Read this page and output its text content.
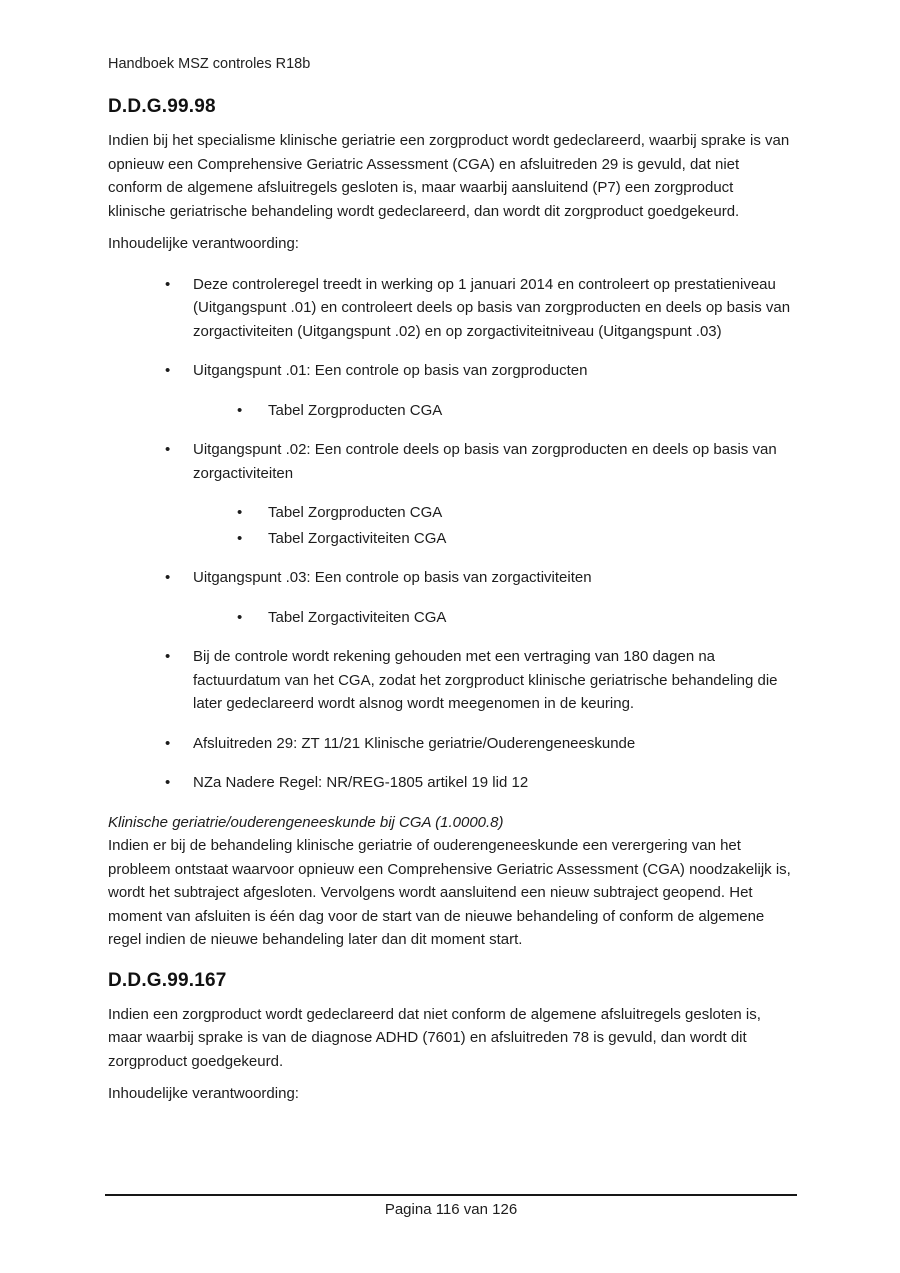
Handboek MSZ controles R18b
D.D.G.99.98

Indien bij het specialisme klinische geriatrie een zorgproduct wordt gedeclareerd, waarbij sprake is van opnieuw een Comprehensive Geriatric Assessment (CGA) en afsluitreden 29 is gevuld, dat niet conform de algemene afsluitregels gesloten is, maar waarbij aansluitend (P7) een zorgproduct klinische geriatrische behandeling wordt gedeclareerd, dan wordt dit zorgproduct goedgekeurd.

Inhoudelijke verantwoording:

•
Deze controleregel treedt in werking op 1 januari 2014 en controleert op prestatieniveau (Uitgangspunt .01) en controleert deels op basis van zorgproducten en deels op basis van zorgactiviteiten (Uitgangspunt .02) en op zorgactiviteitniveau (Uitgangspunt .03)
•
Uitgangspunt .01: Een controle op basis van zorgproducten
•
Tabel Zorgproducten CGA
•
Uitgangspunt .02: Een controle deels op basis van zorgproducten en deels op basis van zorgactiviteiten
•
Tabel Zorgproducten CGA
•
Tabel Zorgactiviteiten CGA
•
Uitgangspunt .03: Een controle op basis van zorgactiviteiten
•
Tabel Zorgactiviteiten CGA
•
Bij de controle wordt rekening gehouden met een vertraging van 180 dagen na factuurdatum van het CGA, zodat het zorgproduct klinische geriatrische behandeling die later gedeclareerd wordt alsnog wordt meegenomen in de keuring.
•
Afsluitreden 29: ZT 11/21 Klinische geriatrie/Ouderengeneeskunde
•
NZa Nadere Regel: NR/REG-1805 artikel 19 lid 12
Klinische geriatrie/ouderengeneeskunde bij CGA (1.0000.8)
Indien er bij de behandeling klinische geriatrie of ouderengeneeskunde een verergering van het probleem ontstaat waarvoor opnieuw een Comprehensive Geriatric Assessment (CGA) noodzakelijk is, wordt het subtraject afgesloten. Vervolgens wordt aansluitend een nieuw subtraject geopend. Het moment van afsluiten is één dag voor de start van de nieuwe behandeling of conform de algemene regel indien de nieuwe behandeling later dan dit moment start.
D.D.G.99.167

Indien een zorgproduct wordt gedeclareerd dat niet conform de algemene afsluitregels gesloten is, maar waarbij sprake is van de diagnose ADHD (7601) en afsluitreden 78 is gevuld, dan wordt dit zorgproduct goedgekeurd.

Inhoudelijke verantwoording:

Pagina 116 van 126
